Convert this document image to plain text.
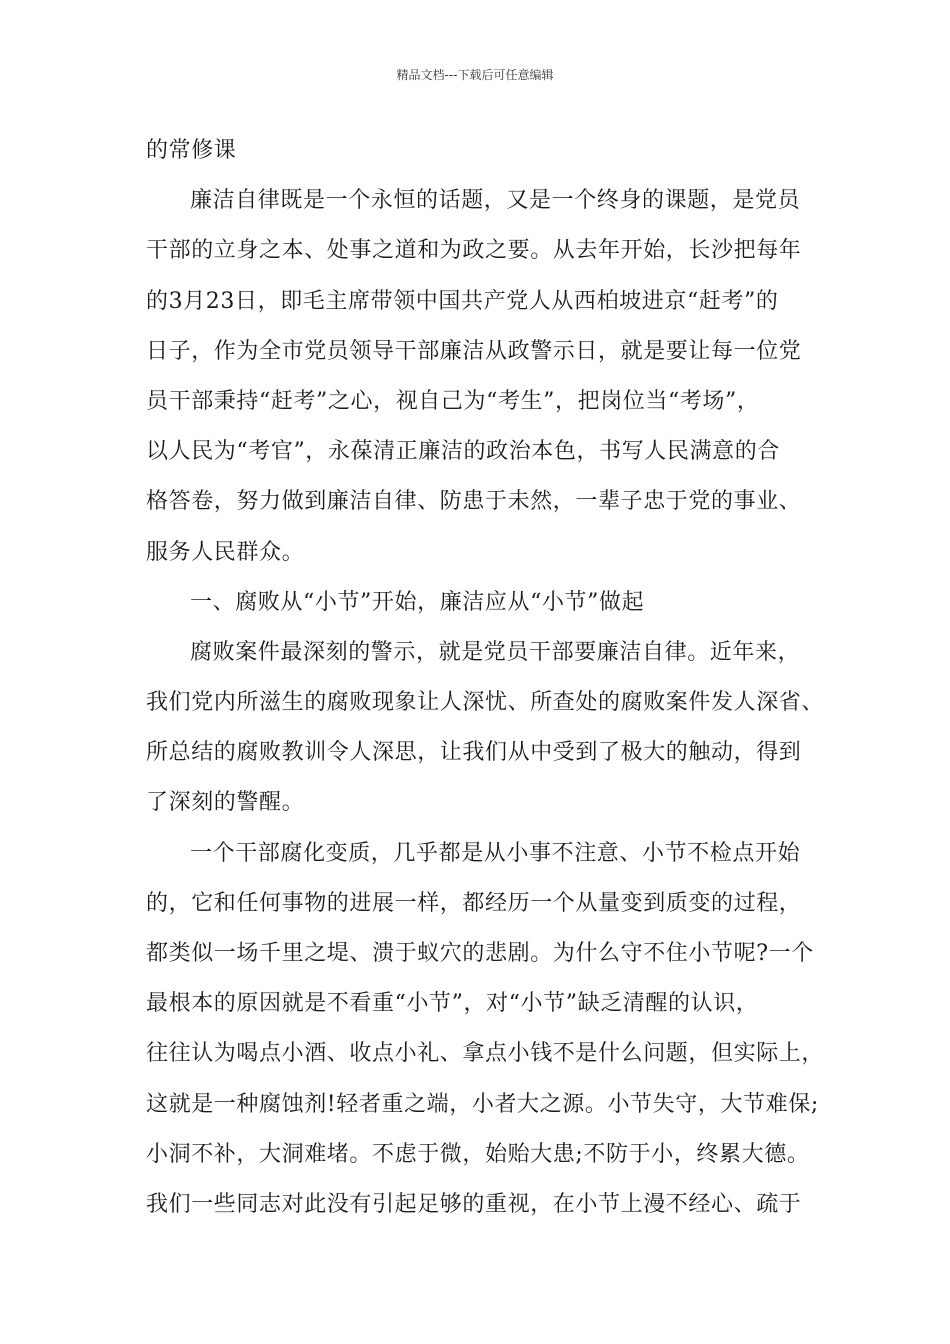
精品文档---下载后可任意编辑
的常修课
廉洁自律既是一个永恒的话题，又是一个终身的课题，是党员
干部的立身之本、处事之道和为政之要。从去年开始，长沙把每年
的3月23日，即毛主席带领中国共产党人从西柏坡进京“赶考”的
日子，作为全市党员领导干部廉洁从政警示日，就是要让每一位党
员干部秉持“赶考”之心，视自己为“考生”，把岗位当“考场”，
以人民为“考官”，永葆清正廉洁的政治本色，书写人民满意的合
格答卷，努力做到廉洁自律、防患于未然，一辈子忠于党的事业、
服务人民群众。
一、腐败从“小节”开始，廉洁应从“小节”做起
腐败案件最深刻的警示，就是党员干部要廉洁自律。近年来，
我们党内所滋生的腐败现象让人深忧、所查处的腐败案件发人深省、
所总结的腐败教训令人深思，让我们从中受到了极大的触动，得到
了深刻的警醒。
一个干部腐化变质，几乎都是从小事不注意、小节不检点开始
的，它和任何事物的进展一样，都经历一个从量变到质变的过程，
都类似一场千里之堤、溃于蚁穴的悲剧。为什么守不住小节呢?一个
最根本的原因就是不看重“小节”，对“小节”缺乏清醒的认识，
往往认为喝点小酒、收点小礼、拿点小钱不是什么问题，但实际上，
这就是一种腐蚀剂!轻者重之端，小者大之源。小节失守，大节难保;
小洞不补，大洞难堵。不虑于微，始贻大患;不防于小，终累大德。
我们一些同志对此没有引起足够的重视，在小节上漫不经心、疏于
